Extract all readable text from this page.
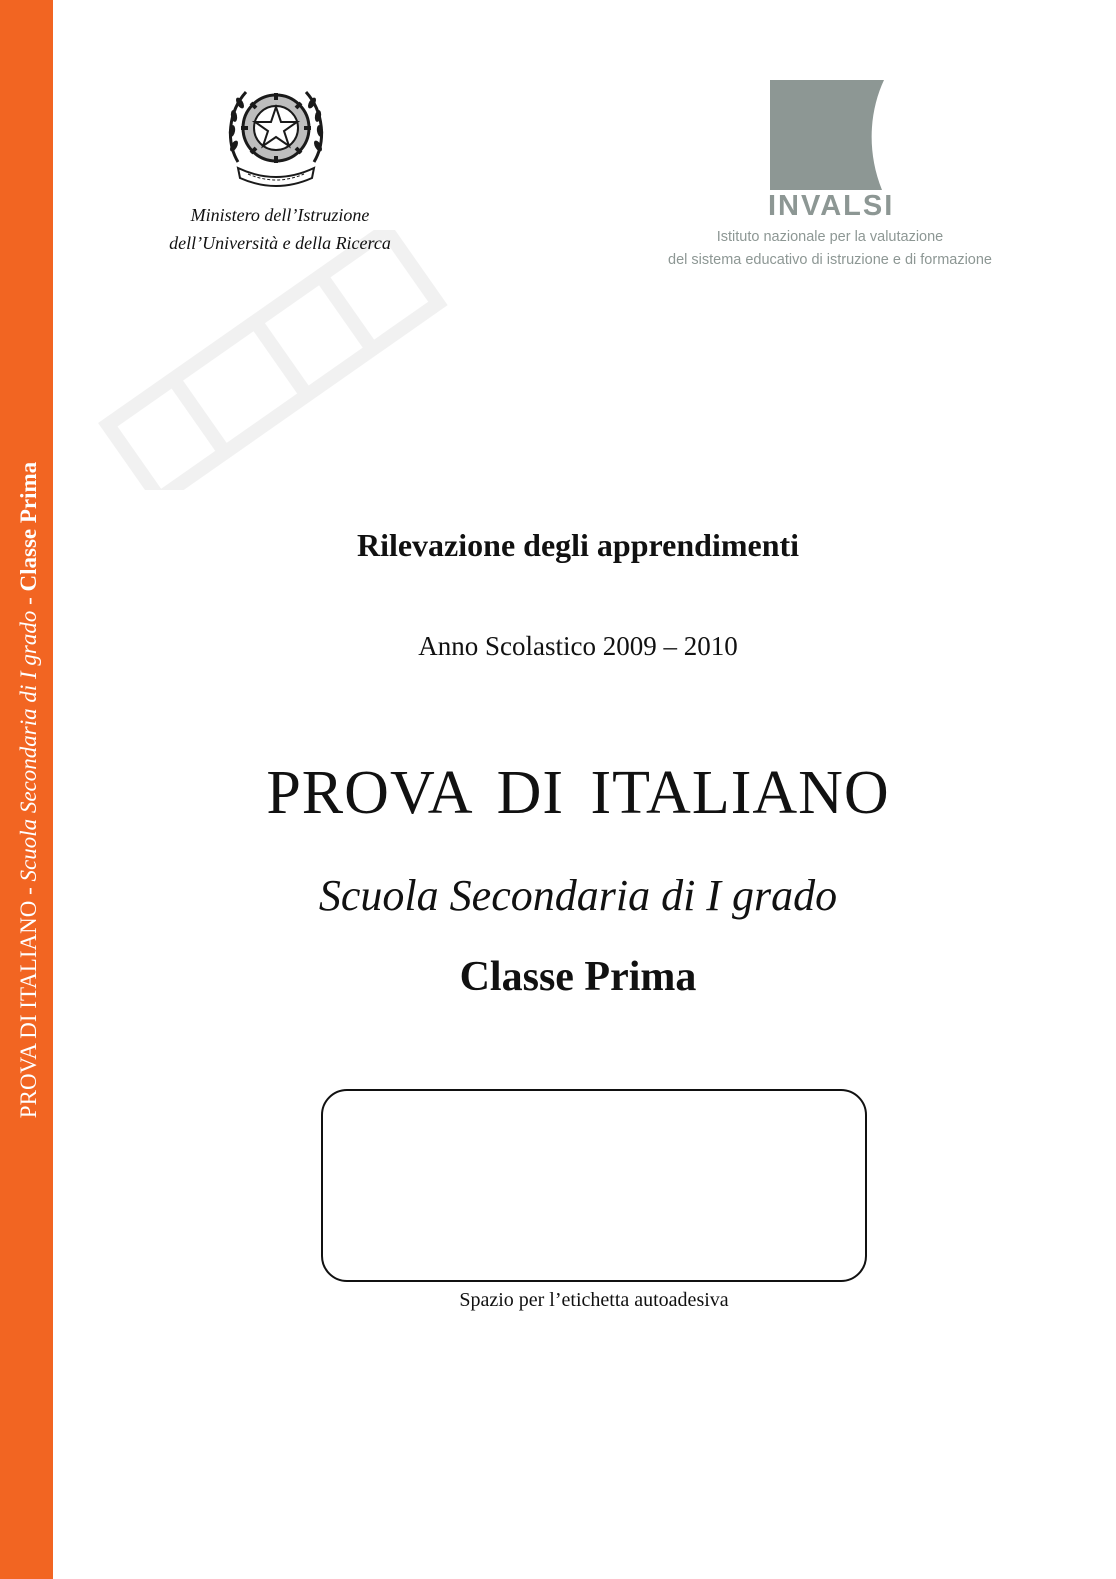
PROVA DI ITALIANO - Scuola Secondaria di I grado - Classe Prima
Ministero dell’Istruzione
dell’Università e della Ricerca
INVALSI
Istituto nazionale per la valutazione
del sistema educativo di istruzione e di formazione
Rilevazione degli apprendimenti
Anno Scolastico 2009 – 2010
PROVA DI ITALIANO
Scuola Secondaria di I grado
Classe Prima
Spazio per l’etichetta autoadesiva
